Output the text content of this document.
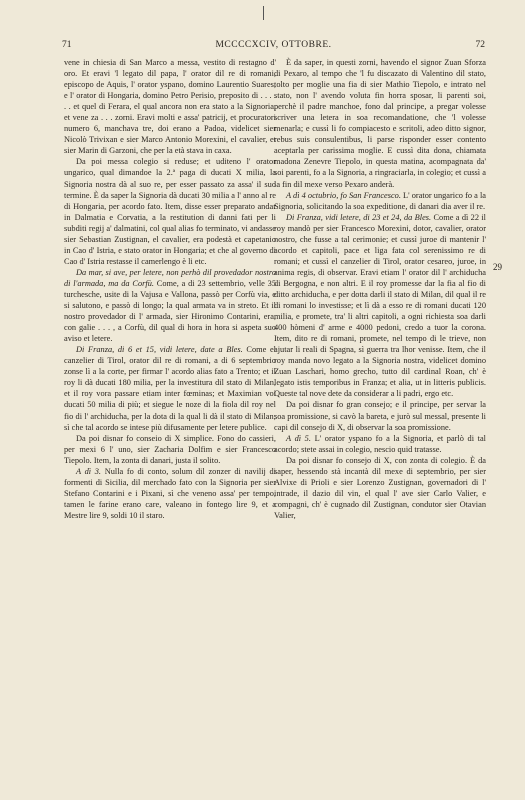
71	MCCCCXCIV, OTTOBRE.	72
29

vene in chiesia di San Marco a messa, vestito di restagno d' oro. Et eravi 'l legato dil papa, l' orator dil re di romani, episcopo de Aquis, l' orator yspano, domino Laurentio Suares, e l' orator di Hongaria, domino Petro Perisio, preposito di . . . . . . et quel di Ferara, el qual ancora non era stato a la Signoria, et vene za . . . zorni. Eravi molti e assa' patricij, et procuratori numero 6, manchava tre, doi erano a Padoa, videlicet sier Nicolò Trivixan e sier Marco Antonio Morexini, el cavalier, et sier Marin di Garzoni, che per la età stava in caxa.

Da poi messa colegio si reduse; et uditeno l' orator ungarico, qual dimandoe la 2.ª paga di ducati X milia, la Signoria nostra dà al suo re, per esser passato za assa' il suo termine. È da saper la Signoria dà ducati 30 milia a l' anno al re di Hongaria, per acordo fato. Item, disse esser preparato andar in Dalmatia e Corvatia, a la restitution di danni fati per li subditi regij a' dalmatini, col qual alias fo terminato, vi andasse sier Sebastian Zustignan, el cavalier, era podestà et capetanio in Cao d' Istria, e stato orator in Hongaria; et che al governo di Cao d' Istria restasse il camerlengo è li etc.

Da mar, si ave, per letere, non perhò dil provedador nostro di l'armada, ma da Corfù. Come, a di 23 settembrio, velle 35 turchesche, usite di la Vajusa e Vallona, passò per Corfù via, e si salutono, e passò di longo; la qual armata va in streto. Et il nostro provedador di l' armada, sier Hironimo Contarini, era, con galie . . . , a Corfù, dil qual di hora in hora si aspeta suo aviso et letere.

Di Franza, di 6 et 15, vidi letere, date a Bles. Come el canzelier di Tirol, orator dil re di romani, a di 6 septembrio zonse lì a la corte, per firmar l' acordo alias fato a Trento; et il roy li dà ducati 180 milia, per la investitura dil stato di Milan, et il roy vora passare etiam inter fœminas; et Maximian voi ducati 50 milia di più; et siegue le noze di la fiola dil roy nel fio di l' archiducha, per la dota di la qual li dà il stato di Milan; sì che tal acordo se intese più difusamente per letere publice.

Da poi disnar fo conseio di X simplice. Fono do cassieri, per mexi 6 l' uno, sier Zacharia Dolfim e sier Francesco Tiepolo. Item, la zonta di danari, justa il solito.

A dì 3. Nulla fo di conto, solum dil zonzer di navilij di formenti di Sicilia, dil merchado fato con la Signoria per sier Stefano Contarini e i Pixani, sì che veneno assa' per tempo, tamen le farine erano care, valeano in fontego lire 9, et a Mestre lire 9, soldi 10 il staro.

È da saper, in questi zorni, havendo el signor Zuan Sforza di Pexaro, al tempo che 'l fu discazato di Valentino dil stato, tolto per moglie una fia di sier Mathio Tiepolo, e intrato nel stato, non l' avendo voluta fin horra sposar, li parenti soi, perchè il padre manchoe, fono dal principe, a pregar volesse scriver una letera in soa recomandatione, che 'l volesse menarla; e cussì li fo compiacesto e scritoli, adeo ditto signor, rebus suis consulentibus, li parse risponder esser contento aceptarla per carissima moglie. E cussì dita dona, chiamata madona Zenevre Tiepolo, in questa matina, acompagnata da' soi parenti, fo a la Signoria, a ringraciarla, in colegio; et cussì a la fin dil mexe verso Pexaro anderà.

A dì 4 octubrio, fo San Francesco. L' orator ungarico fo a la Signoria, solicitando la soa expeditione, di danari dia aver il re.

Di Franza, vidi letere, di 23 et 24, da Bles. Come a dì 22 il roy mandò per sier Francesco Morexini, dotor, cavalier, orator nostro, che fusse a tal cerimonie; et cussì juroe di mantenir l' acordo et capitoli, pace et liga fata col serenissimo re di romani; et cussì el canzelier di Tirol, orator cesareo, juroe, in anima regis, di observar. Eravi etiam l' orator dil l' archiducha di Bergogna, e non altri. E il roy promesse dar la fia al fio di ditto archiducha, e per dotta darli il stato di Milan, dil qual il re di romani lo investisse; et lì dà a esso re di romani ducati 120 milia, e promete, tra' li altri capitoli, a ogni richiesta soa darli 400 hòmeni d' arme e 4000 pedoni, credo a tuor la corona. Item, dito re di romani, promete, nel tempo di le trieve, non ajutar li reali di Spagna, sì guerra tra lhor venisse. Item, che il roy manda novo legato a la Signoria nostra, videlicet domino Zuan Laschari, homo grecho, tutto dil cardinal Roan, ch' è legato istis temporibus in Franza; et alia, ut in litteris publicis. Queste tal nove dete da considerar a li padri, ergo etc.

Da poi disnar fo gran consejo; e il principe, per servar la soa promissione, si cavò la bareta, e jurò sul messal, presente li capi dil consejo di X, di observar la soa promissione.

A dì 5. L' orator yspano fo a la Signoria, et parlò di tal acordo; stete assai in colegio, nescio quid tratasse.

Da poi disnar fo consejo di X, con zonta di colegio. È da saper, hessendo stà incantà dil mexe di septembrio, per sier Alvixe di Prioli e sier Lorenzo Zustignan, governadori di l' intrade, il dazio dil vin, el qual l' ave sier Carlo Valier, e compagni, ch' è cugnado dil Zustignan, condutor sier Otavian Valier,
